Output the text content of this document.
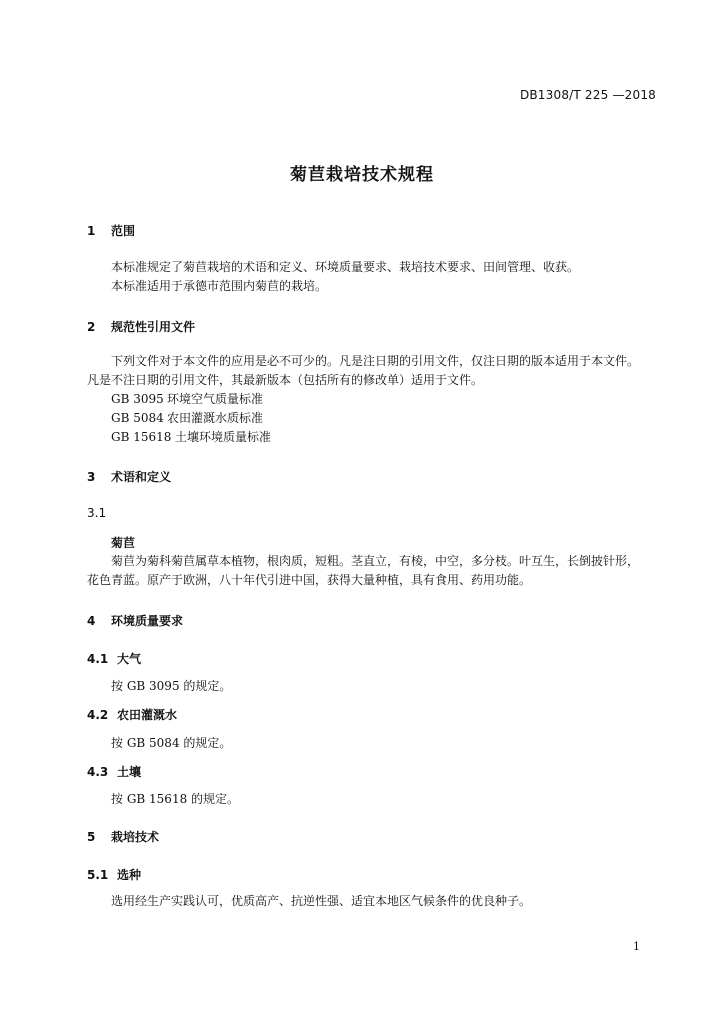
DB1308/T 225 —2018
菊苣栽培技术规程
1 范围
本标准规定了菊苣栽培的术语和定义、环境质量要求、栽培技术要求、田间管理、收获。
本标准适用于承德市范围内菊苣的栽培。
2 规范性引用文件
下列文件对于本文件的应用是必不可少的。凡是注日期的引用文件，仅注日期的版本适用于本文件。
凡是不注日期的引用文件，其最新版本（包括所有的修改单）适用于文件。
GB 3095 环境空气质量标准
GB 5084 农田灌溉水质标准
GB 15618 土壤环境质量标准
3 术语和定义
3.1
菊苣
菊苣为菊科菊苣属草本植物，根肉质，短粗。茎直立，有棱，中空，多分枝。叶互生，长倒披针形，
花色青蓝。原产于欧洲，八十年代引进中国，获得大量种植，具有食用、药用功能。
4 环境质量要求
4.1 大气
按 GB 3095 的规定。
4.2 农田灌溉水
按 GB 5084 的规定。
4.3 土壤
按 GB 15618 的规定。
5 栽培技术
5.1 选种
选用经生产实践认可，优质高产、抗逆性强、适宜本地区气候条件的优良种子。
1
